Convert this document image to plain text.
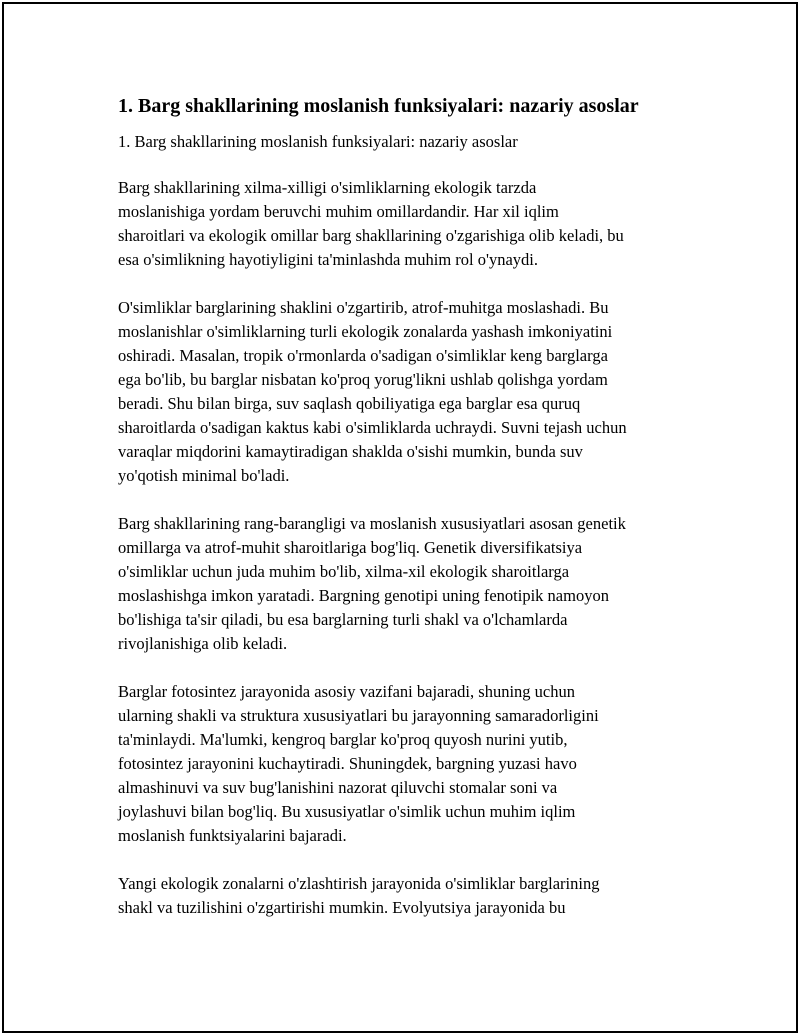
1. Barg shakllarining moslanish funksiyalari: nazariy asoslar
1. Barg shakllarining moslanish funksiyalari: nazariy asoslar
Barg shakllarining xilma-xilligi o'simliklarning ekologik tarzda
moslanishiga yordam beruvchi muhim omillardandir. Har xil iqlim
sharoitlari va ekologik omillar barg shakllarining o'zgarishiga olib keladi, bu
esa o'simlikning hayotiyligini ta'minlashda muhim rol o'ynaydi.
O'simliklar barglarining shaklini o'zgartirib, atrof-muhitga moslashadi. Bu
moslanishlar o'simliklarning turli ekologik zonalarda yashash imkoniyatini
oshiradi. Masalan, tropik o'rmonlarda o'sadigan o'simliklar keng barglarga
ega bo'lib, bu barglar nisbatan ko'proq yorug'likni ushlab qolishga yordam
beradi. Shu bilan birga, suv saqlash qobiliyatiga ega barglar esa quruq
sharoitlarda o'sadigan kaktus kabi o'simliklarda uchraydi. Suvni tejash uchun
varaqlar miqdorini kamaytiradigan shaklda o'sishi mumkin, bunda suv
yo'qotish minimal bo'ladi.
Barg shakllarining rang-barangligi va moslanish xususiyatlari asosan genetik
omillarga va atrof-muhit sharoitlariga bog'liq. Genetik diversifikatsiya
o'simliklar uchun juda muhim bo'lib, xilma-xil ekologik sharoitlarga
moslashishga imkon yaratadi. Bargning genotipi uning fenotipik namoyon
bo'lishiga ta'sir qiladi, bu esa barglarning turli shakl va o'lchamlarda
rivojlanishiga olib keladi.
Barglar fotosintez jarayonida asosiy vazifani bajaradi, shuning uchun
ularning shakli va struktura xususiyatlari bu jarayonning samaradorligini
ta'minlaydi. Ma'lumki, kengroq barglar ko'proq quyosh nurini yutib,
fotosintez jarayonini kuchaytiradi. Shuningdek, bargning yuzasi havo
almashinuvi va suv bug'lanishini nazorat qiluvchi stomalar soni va
joylashuvi bilan bog'liq. Bu xususiyatlar o'simlik uchun muhim iqlim
moslanish funktsiyalarini bajaradi.
Yangi ekologik zonalarni o'zlashtirish jarayonida o'simliklar barglarining
shakl va tuzilishini o'zgartirishi mumkin. Evolyutsiya jarayonida bu
